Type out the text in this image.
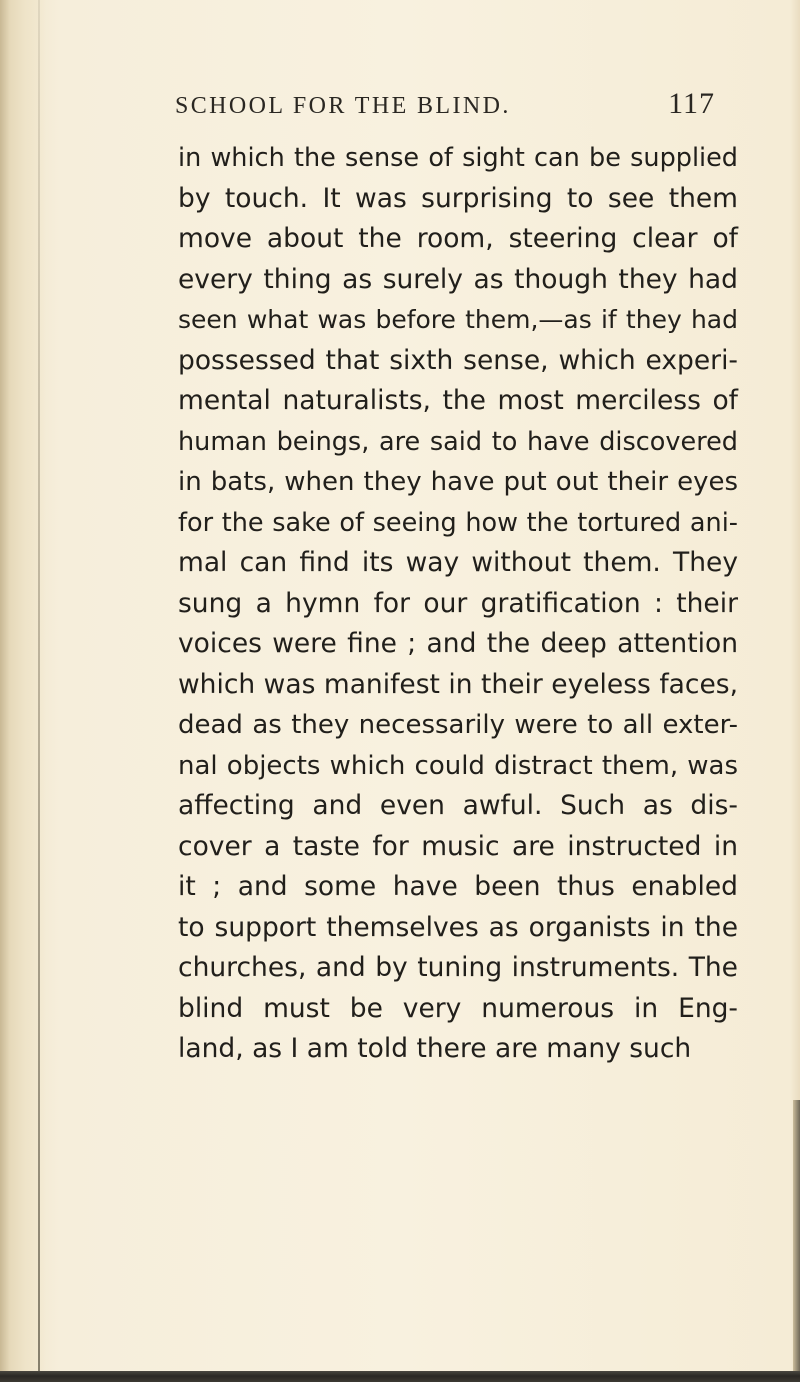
SCHOOL FOR THE BLIND.	117
in which the sense of sight can be supplied
by touch. It was surprising to see them
move about the room, steering clear of
every thing as surely as though they had
seen what was before them,—as if they had
possessed that sixth sense, which experi-
mental naturalists, the most merciless of
human beings, are said to have discovered
in bats, when they have put out their eyes
for the sake of seeing how the tortured ani-
mal can find its way without them. They
sung a hymn for our gratification : their
voices were fine ; and the deep attention
which was manifest in their eyeless faces,
dead as they necessarily were to all exter-
nal objects which could distract them, was
affecting and even awful. Such as dis-
cover a taste for music are instructed in
it ; and some have been thus enabled
to support themselves as organists in the
churches, and by tuning instruments. The
blind must be very numerous in Eng-
land, as I am told there are many such
